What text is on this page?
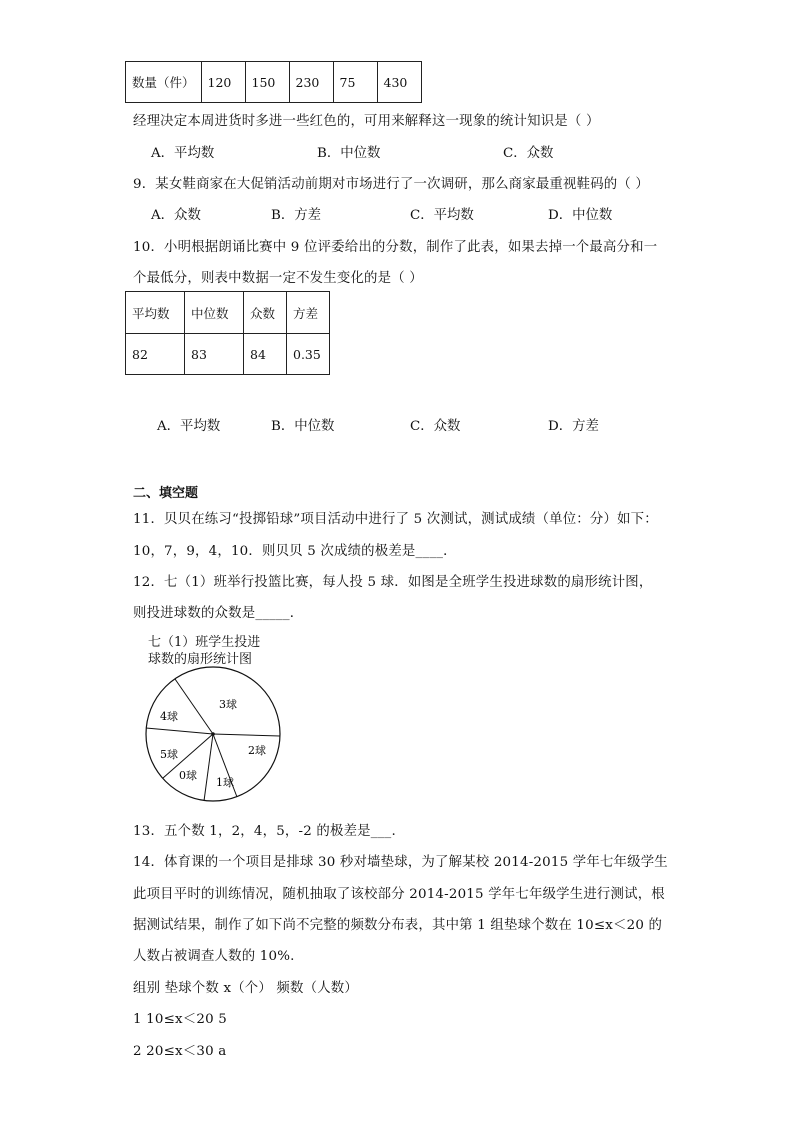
数量（件）	120	150	230	75	430
经理决定本周进货时多进一些红色的，可用来解释这一现象的统计知识是（ ）
A．平均数	B．中位数	C．众数
9．某女鞋商家在大促销活动前期对市场进行了一次调研，那么商家最重视鞋码的（ ）
A．众数	B．方差	C．平均数	D．中位数
10．小明根据朗诵比赛中 9 位评委给出的分数，制作了此表，如果去掉一个最高分和一
个最低分，则表中数据一定不发生变化的是（ ）
平均数	中位数	众数	方差
82	83	84	0.35
A．平均数	B．中位数	C．众数	D．方差
二、填空题
11．贝贝在练习“投掷铅球”项目活动中进行了 5 次测试，测试成绩（单位：分）如下：
10，7，9，4，10．则贝贝 5 次成绩的极差是____．
12．七（1）班举行投篮比赛，每人投 5 球．如图是全班学生投进球数的扇形统计图，
则投进球数的众数是_____．
七（1）班学生投进
球数的扇形统计图
3球
2球
1球
0球
5球
4球
13．五个数 1，2，4，5，-2 的极差是___.
14．体育课的一个项目是排球 30 秒对墙垫球，为了解某校 2014-2015 学年七年级学生
此项目平时的训练情况，随机抽取了该校部分 2014-2015 学年七年级学生进行测试，根
据测试结果，制作了如下尚不完整的频数分布表，其中第 1 组垫球个数在 10≤x＜20 的
人数占被调查人数的 10%.
组别 垫球个数 x（个） 频数（人数）
1 10≤x＜20 5
2 20≤x＜30 a
